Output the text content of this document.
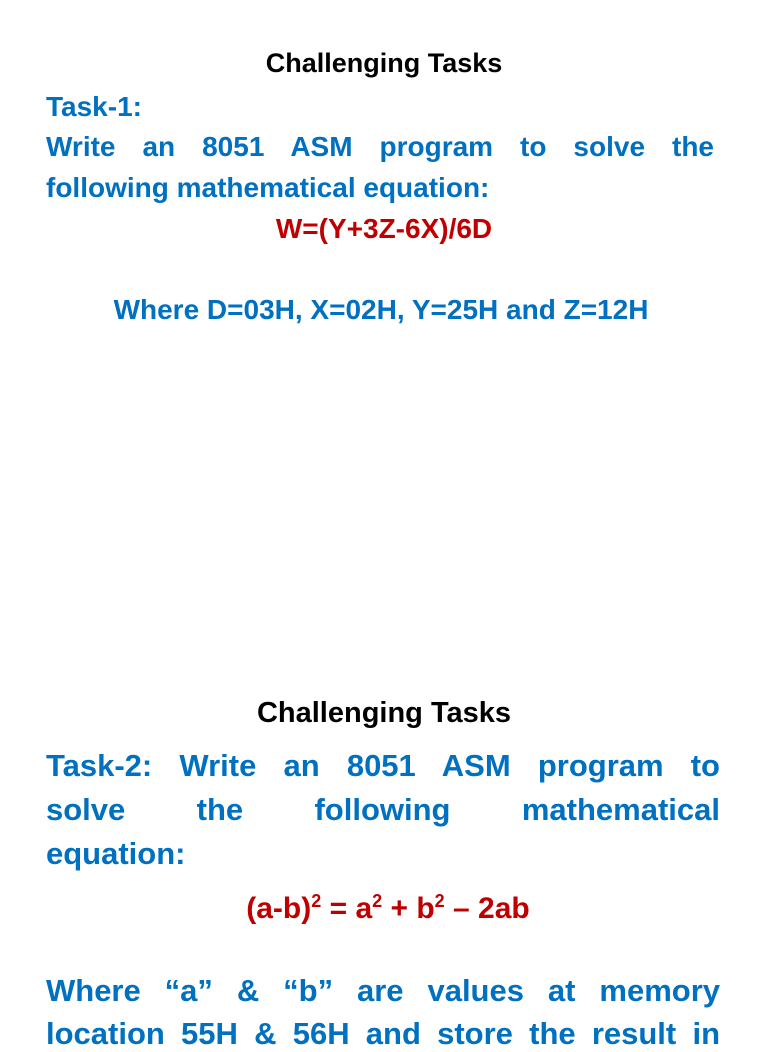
Challenging Tasks
Task-1:
Write an 8051 ASM program to solve the
following mathematical equation:
W=(Y+3Z-6X)/6D
Where D=03H, X=02H, Y=25H and Z=12H
Challenging Tasks
Task-2: Write an 8051 ASM program to
solve the following mathematical
equation:
$(a-b)^2 = a^2 + b^2 - 2ab$
Where “a” & “b” are values at memory
location 55H & 56H and store the result in
